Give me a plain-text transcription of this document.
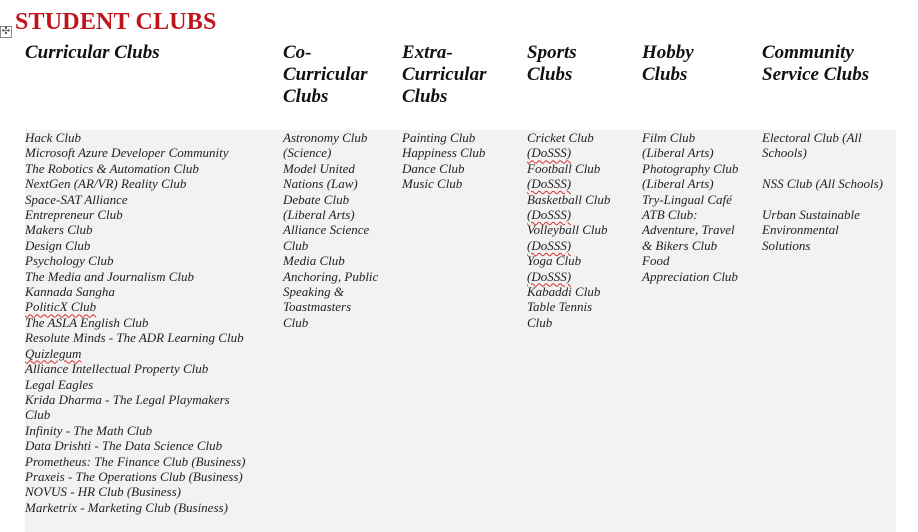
✣ STUDENT CLUBS
Curricular Clubs	Co-
Curricular
Clubs
Extra-
Curricular
Clubs
Sports
Clubs
Hobby
Clubs
Community
Service Clubs
Hack Club
Microsoft Azure Developer Community
The Robotics & Automation Club
NextGen (AR/VR) Reality Club
Space-SAT Alliance
Entrepreneur Club
Makers Club
Design Club
Psychology Club
The Media and Journalism Club
Kannada Sangha
PolitiсX Club
The ASLA English Club
Resolute Minds - The ADR Learning Club
Quizlegum
Alliance Intellectual Property Club
Legal Eagles
Krida Dharma - The Legal Playmakers
Club
Infinity - The Math Club
Data Drishti - The Data Science Club
Prometheus: The Finance Club (Business)
Praxeis - The Operations Club (Business)
NOVUS - HR Club (Business)
Marketrix - Marketing Club (Business)
Astronomy Club
(Science)
Model United
Nations (Law)
Debate Club
(Liberal Arts)
Alliance Science
Club
Media Club
Anchoring, Public
Speaking &
Toastmasters
Club
Painting Club
Happiness Club
Dance Club
Music Club
Cricket Club
(DoSSS)
Football Club
(DoSSS)
Basketball Club
(DoSSS)
Volleyball Club
(DoSSS)
Yoga Club
(DoSSS)
Kabaddi Club
Table Tennis
Club
Film Club
(Liberal Arts)
Photography Club
(Liberal Arts)
Try-Lingual Café
ATB Club:
Adventure, Travel
& Bikers Club
Food
Appreciation Club
Electoral Club (All
Schools)
NSS Club (All Schools)
Urban Sustainable
Environmental
Solutions
